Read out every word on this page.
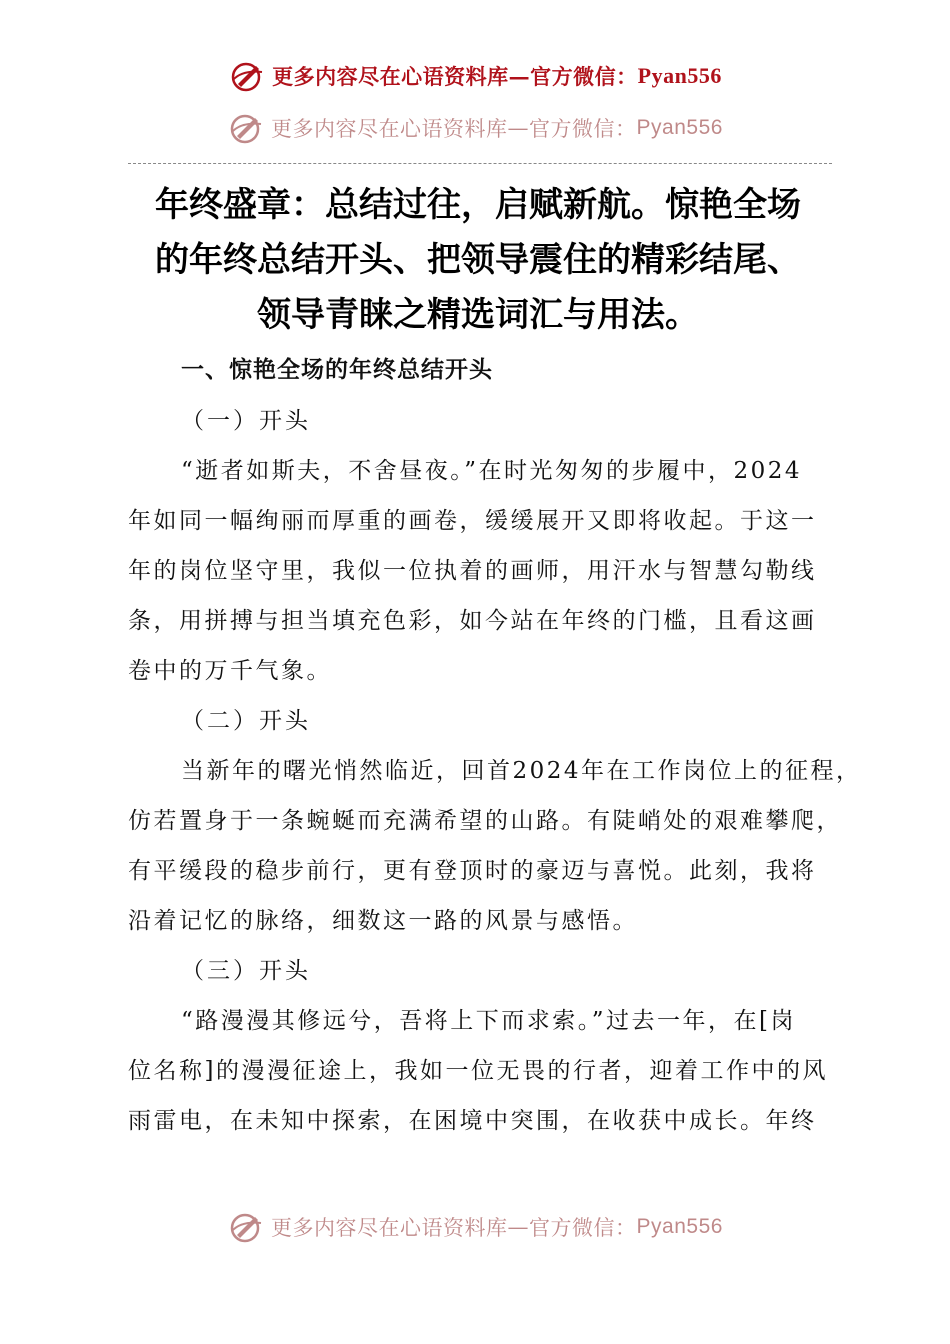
更多内容尽在心语资料库 — 官方微信： Pyan556
更多内容尽在心语资料库 — 官方微信： Pyan556
年终盛章：总结过往，启赋新航。惊艳全场
的年终总结开头、把领导震住的精彩结尾、
领导青睐之精选词汇与用法。
一、惊艳全场的年终总结开头
（一）开头
“逝者如斯夫，不舍昼夜。”在时光匆匆的步履中，2024
年如同一幅绚丽而厚重的画卷，缓缓展开又即将收起。于这一
年的岗位坚守里，我似一位执着的画师，用汗水与智慧勾勒线
条，用拼搏与担当填充色彩，如今站在年终的门槛，且看这画
卷中的万千气象。
（二）开头
当新年的曙光悄然临近，回首2024年在工作岗位上的征程，
仿若置身于一条蜿蜒而充满希望的山路。有陡峭处的艰难攀爬，
有平缓段的稳步前行，更有登顶时的豪迈与喜悦。此刻，我将
沿着记忆的脉络，细数这一路的风景与感悟。
（三）开头
“路漫漫其修远兮，吾将上下而求索。”过去一年，在[岗
位名称]的漫漫征途上，我如一位无畏的行者，迎着工作中的风
雨雷电，在未知中探索，在困境中突围，在收获中成长。年终
更多内容尽在心语资料库 — 官方微信： Pyan556
